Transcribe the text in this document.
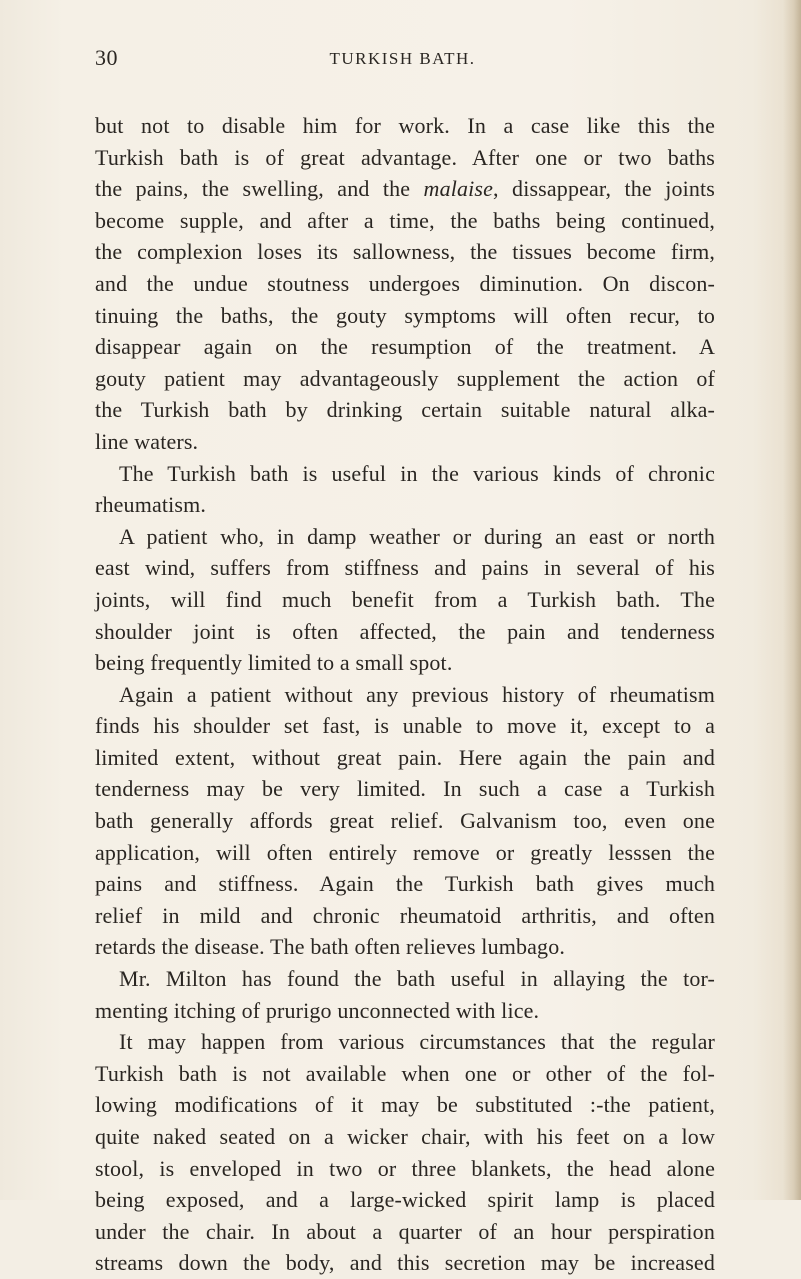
30	TURKISH BATH.
but not to disable him for work. In a case like this the
Turkish bath is of great advantage. After one or two baths
the pains, the swelling, and the malaise, dissappear, the joints
become supple, and after a time, the baths being continued,
the complexion loses its sallowness, the tissues become firm,
and the undue stoutness undergoes diminution. On discon-
tinuing the baths, the gouty symptoms will often recur, to
disappear again on the resumption of the treatment. A
gouty patient may advantageously supplement the action of
the Turkish bath by drinking certain suitable natural alka-
line waters.
The Turkish bath is useful in the various kinds of chronic
rheumatism.
A patient who, in damp weather or during an east or north
east wind, suffers from stiffness and pains in several of his
joints, will find much benefit from a Turkish bath. The
shoulder joint is often affected, the pain and tenderness
being frequently limited to a small spot.
Again a patient without any previous history of rheumatism
finds his shoulder set fast, is unable to move it, except to a
limited extent, without great pain. Here again the pain and
tenderness may be very limited. In such a case a Turkish
bath generally affords great relief. Galvanism too, even one
application, will often entirely remove or greatly lesssen the
pains and stiffness. Again the Turkish bath gives much
relief in mild and chronic rheumatoid arthritis, and often
retards the disease. The bath often relieves lumbago.
Mr. Milton has found the bath useful in allaying the tor-
menting itching of prurigo unconnected with lice.
It may happen from various circumstances that the regular
Turkish bath is not available when one or other of the fol-
lowing modifications of it may be substituted :-the patient,
quite naked seated on a wicker chair, with his feet on a low
stool, is enveloped in two or three blankets, the head alone
being exposed, and a large-wicked spirit lamp is placed
under the chair. In about a quarter of an hour perspiration
streams down the body, and this secretion may be increased
